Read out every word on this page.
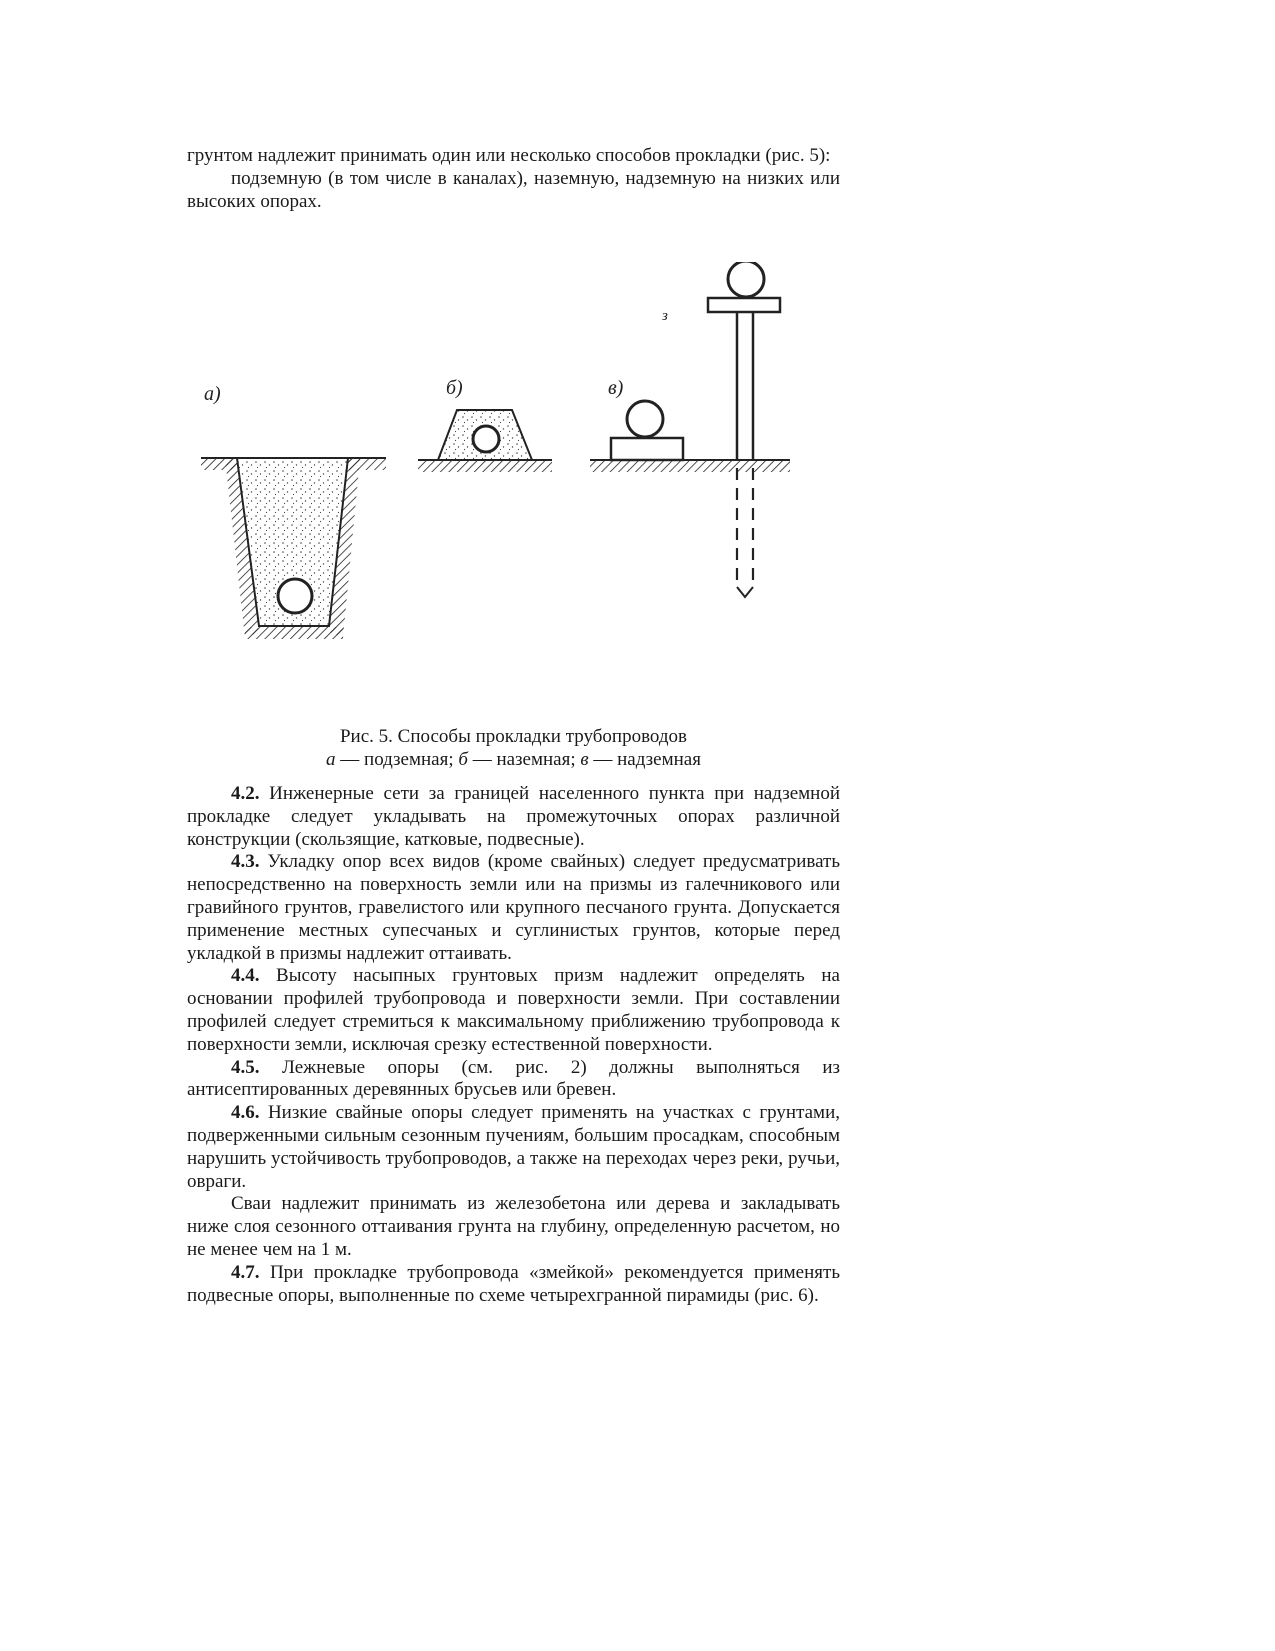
грунтом надлежит принимать один или несколько способов прокладки (рис. 5):

подземную (в том числе в каналах), наземную, надземную на низких или высоких опорах.

а)	б)	в)
з
Рис. 5. Способы прокладки трубопроводов
а — подземная; б — наземная; в — надземная

4.2. Инженерные сети за границей населенного пункта при надземной прокладке следует укладывать на промежуточных опорах различной конструкции (скользящие, катковые, подвесные).

4.3. Укладку опор всех видов (кроме свайных) следует предусматривать непосредственно на поверхность земли или на призмы из галечникового или гравийного грунтов, гравелистого или крупного песчаного грунта. Допускается применение местных супесчаных и суглинистых грунтов, которые перед укладкой в призмы надлежит оттаивать.

4.4. Высоту насыпных грунтовых призм надлежит определять на основании профилей трубопровода и поверхности земли. При составлении профилей следует стремиться к максимальному приближению трубопровода к поверхности земли, исключая срезку естественной поверхности.

4.5. Лежневые опоры (см. рис. 2) должны выполняться из антисептированных деревянных брусьев или бревен.

4.6. Низкие свайные опоры следует применять на участках с грунтами, подверженными сильным сезонным пучениям, большим просадкам, способным нарушить устойчивость трубопроводов, а также на переходах через реки, ручьи, овраги.

Сваи надлежит принимать из железобетона или дерева и закладывать ниже слоя сезонного оттаивания грунта на глубину, определенную расчетом, но не менее чем на 1 м.

4.7. При прокладке трубопровода «змейкой» рекомендуется применять подвесные опоры, выполненные по схеме четырехгранной пирамиды (рис. 6).
